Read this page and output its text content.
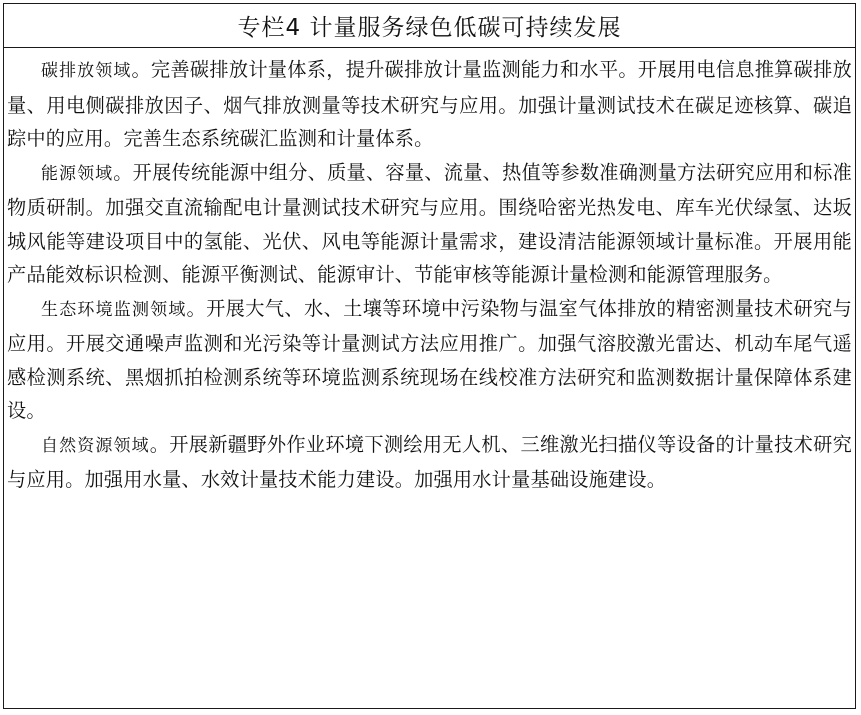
专栏4 计量服务绿色低碳可持续发展

碳排放领域。完善碳排放计量体系，提升碳排放计量监测能力和水平。开展用电信息推算碳排放量、用电侧碳排放因子、烟气排放测量等技术研究与应用。加强计量测试技术在碳足迹核算、碳追踪中的应用。完善生态系统碳汇监测和计量体系。

能源领域。开展传统能源中组分、质量、容量、流量、热值等参数准确测量方法研究应用和标准物质研制。加强交直流输配电计量测试技术研究与应用。围绕哈密光热发电、库车光伏绿氢、达坂城风能等建设项目中的氢能、光伏、风电等能源计量需求，建设清洁能源领域计量标准。开展用能产品能效标识检测、能源平衡测试、能源审计、节能审核等能源计量检测和能源管理服务。

生态环境监测领域。开展大气、水、土壤等环境中污染物与温室气体排放的精密测量技术研究与应用。开展交通噪声监测和光污染等计量测试方法应用推广。加强气溶胶激光雷达、机动车尾气遥感检测系统、黑烟抓拍检测系统等环境监测系统现场在线校准方法研究和监测数据计量保障体系建设。

自然资源领域。开展新疆野外作业环境下测绘用无人机、三维激光扫描仪等设备的计量技术研究与应用。加强用水量、水效计量技术能力建设。加强用水计量基础设施建设。
